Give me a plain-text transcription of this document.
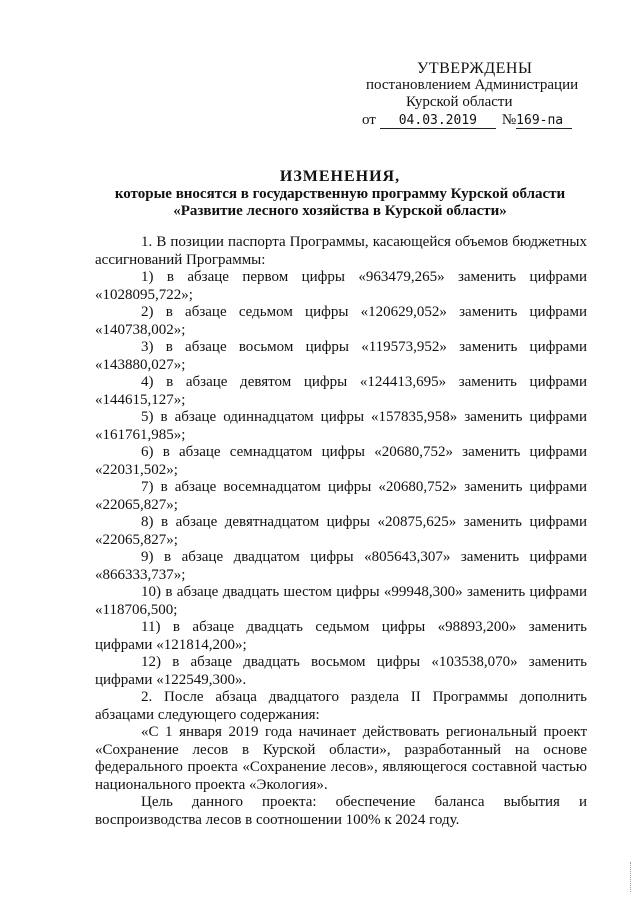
УТВЕРЖДЕНЫ
постановлением Администрации
Курской области
от	04.03.2019	№ 169-па
ИЗМЕНЕНИЯ,
которые вносятся в государственную программу Курской области
«Развитие лесного хозяйства в Курской области»

1. В позиции паспорта Программы, касающейся объемов бюджетных ассигнований Программы:

1) в абзаце первом цифры «963479,265» заменить цифрами «1028095,722»;

2) в абзаце седьмом цифры «120629,052» заменить цифрами «140738,002»;

3) в абзаце восьмом цифры «119573,952» заменить цифрами «143880,027»;

4) в абзаце девятом цифры «124413,695» заменить цифрами «144615,127»;

5) в абзаце одиннадцатом цифры «157835,958» заменить цифрами «161761,985»;

6) в абзаце семнадцатом цифры «20680,752» заменить цифрами «22031,502»;

7) в абзаце восемнадцатом цифры «20680,752» заменить цифрами «22065,827»;

8) в абзаце девятнадцатом цифры «20875,625» заменить цифрами «22065,827»;

9) в абзаце двадцатом цифры «805643,307» заменить цифрами «866333,737»;

10) в абзаце двадцать шестом цифры «99948,300» заменить цифрами «118706,500;

11) в абзаце двадцать седьмом цифры «98893,200» заменить цифрами «121814,200»;

12) в абзаце двадцать восьмом цифры «103538,070» заменить цифрами «122549,300».

2. После абзаца двадцатого раздела II Программы дополнить абзацами следующего содержания:

«С 1 января 2019 года начинает действовать региональный проект «Сохранение лесов в Курской области», разработанный на основе федерального проекта «Сохранение лесов», являющегося составной частью национального проекта «Экология».

Цель данного проекта: обеспечение баланса выбытия и воспроизводства лесов в соотношении 100% к 2024 году.
